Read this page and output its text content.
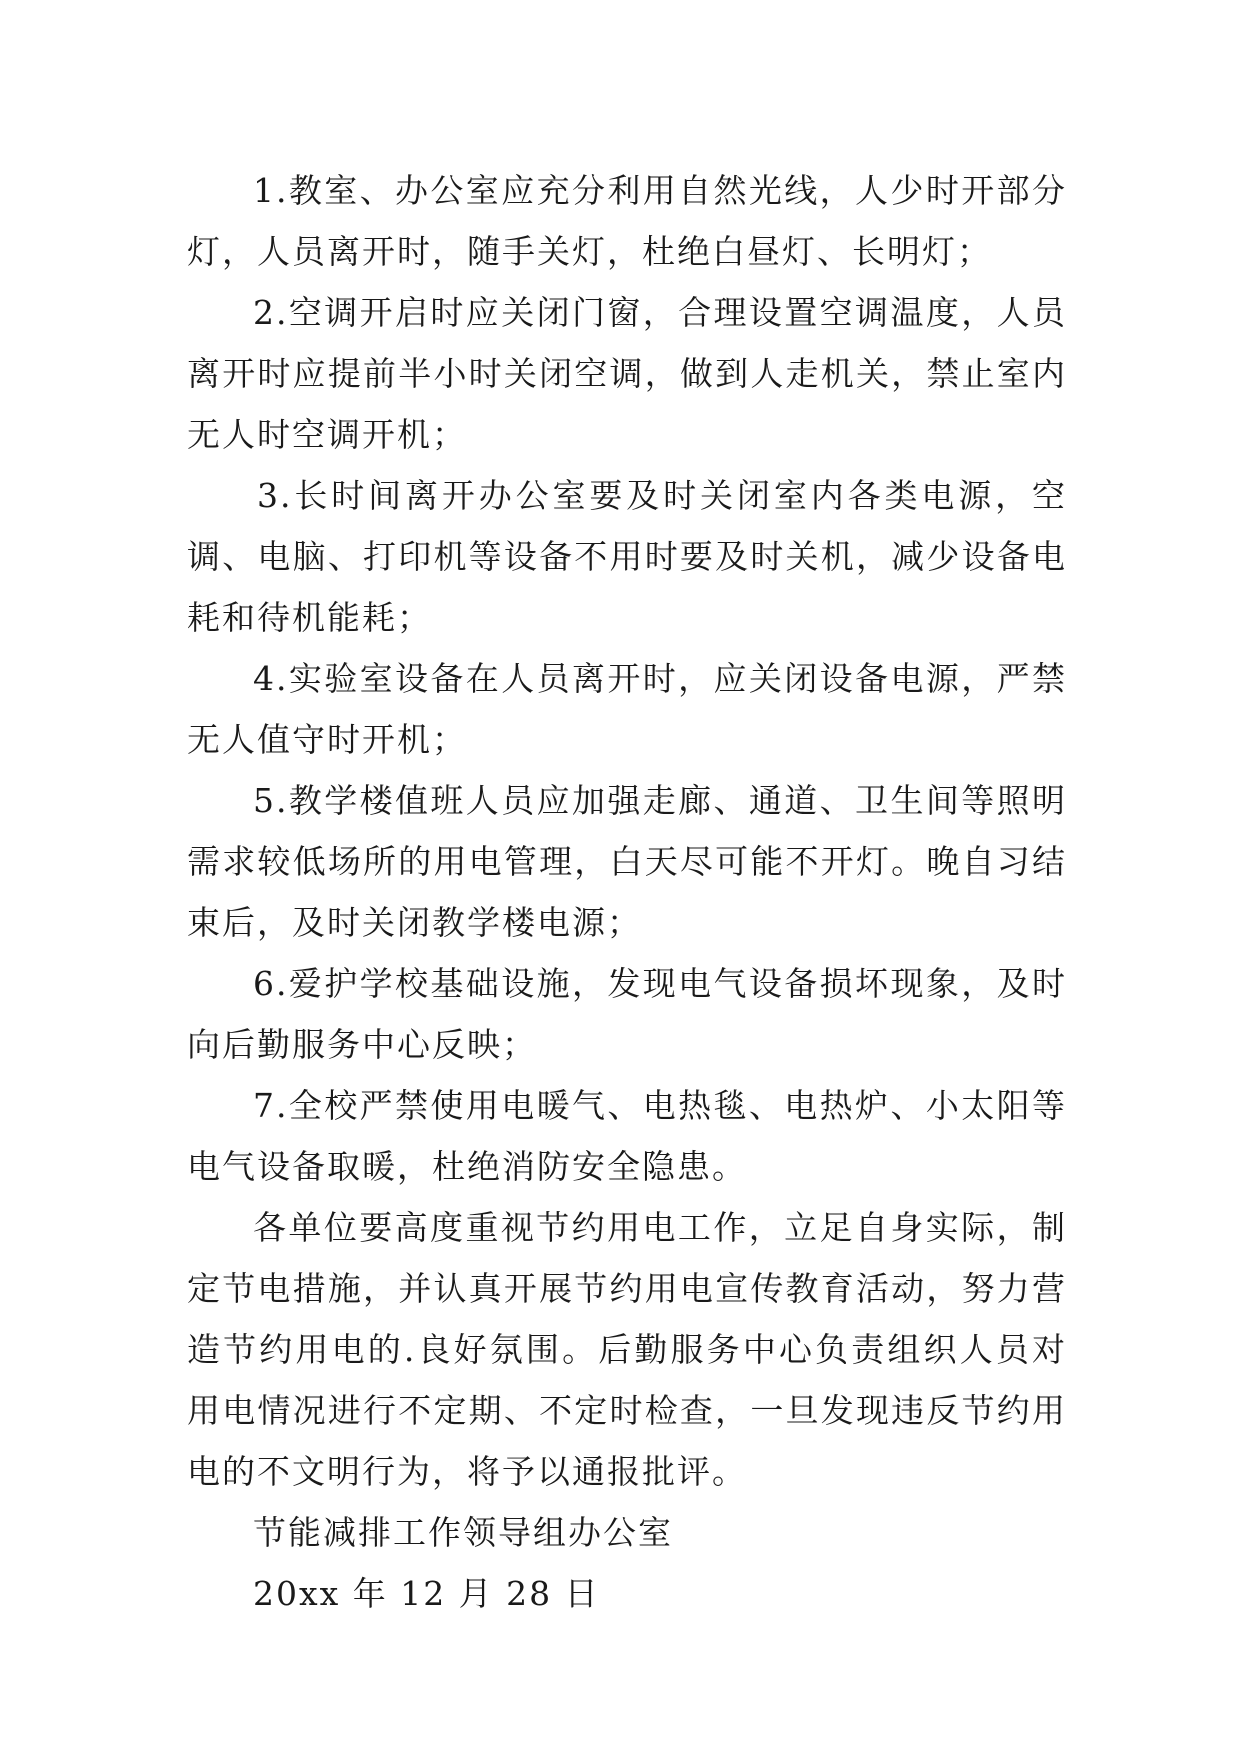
1.教室、办公室应充分利用自然光线，人少时开部分灯，人员离开时，随手关灯，杜绝白昼灯、长明灯；

2.空调开启时应关闭门窗，合理设置空调温度，人员离开时应提前半小时关闭空调，做到人走机关，禁止室内无人时空调开机；

3.长时间离开办公室要及时关闭室内各类电源，空调、电脑、打印机等设备不用时要及时关机，减少设备电耗和待机能耗；

4.实验室设备在人员离开时，应关闭设备电源，严禁无人值守时开机；

5.教学楼值班人员应加强走廊、通道、卫生间等照明需求较低场所的用电管理，白天尽可能不开灯。晚自习结束后，及时关闭教学楼电源；

6.爱护学校基础设施，发现电气设备损坏现象，及时向后勤服务中心反映；

7.全校严禁使用电暖气、电热毯、电热炉、小太阳等电气设备取暖，杜绝消防安全隐患。

各单位要高度重视节约用电工作，立足自身实际，制定节电措施，并认真开展节约用电宣传教育活动，努力营造节约用电的.良好氛围。后勤服务中心负责组织人员对用电情况进行不定期、不定时检查，一旦发现违反节约用电的不文明行为，将予以通报批评。

节能减排工作领导组办公室

20xx 年 12 月 28 日
